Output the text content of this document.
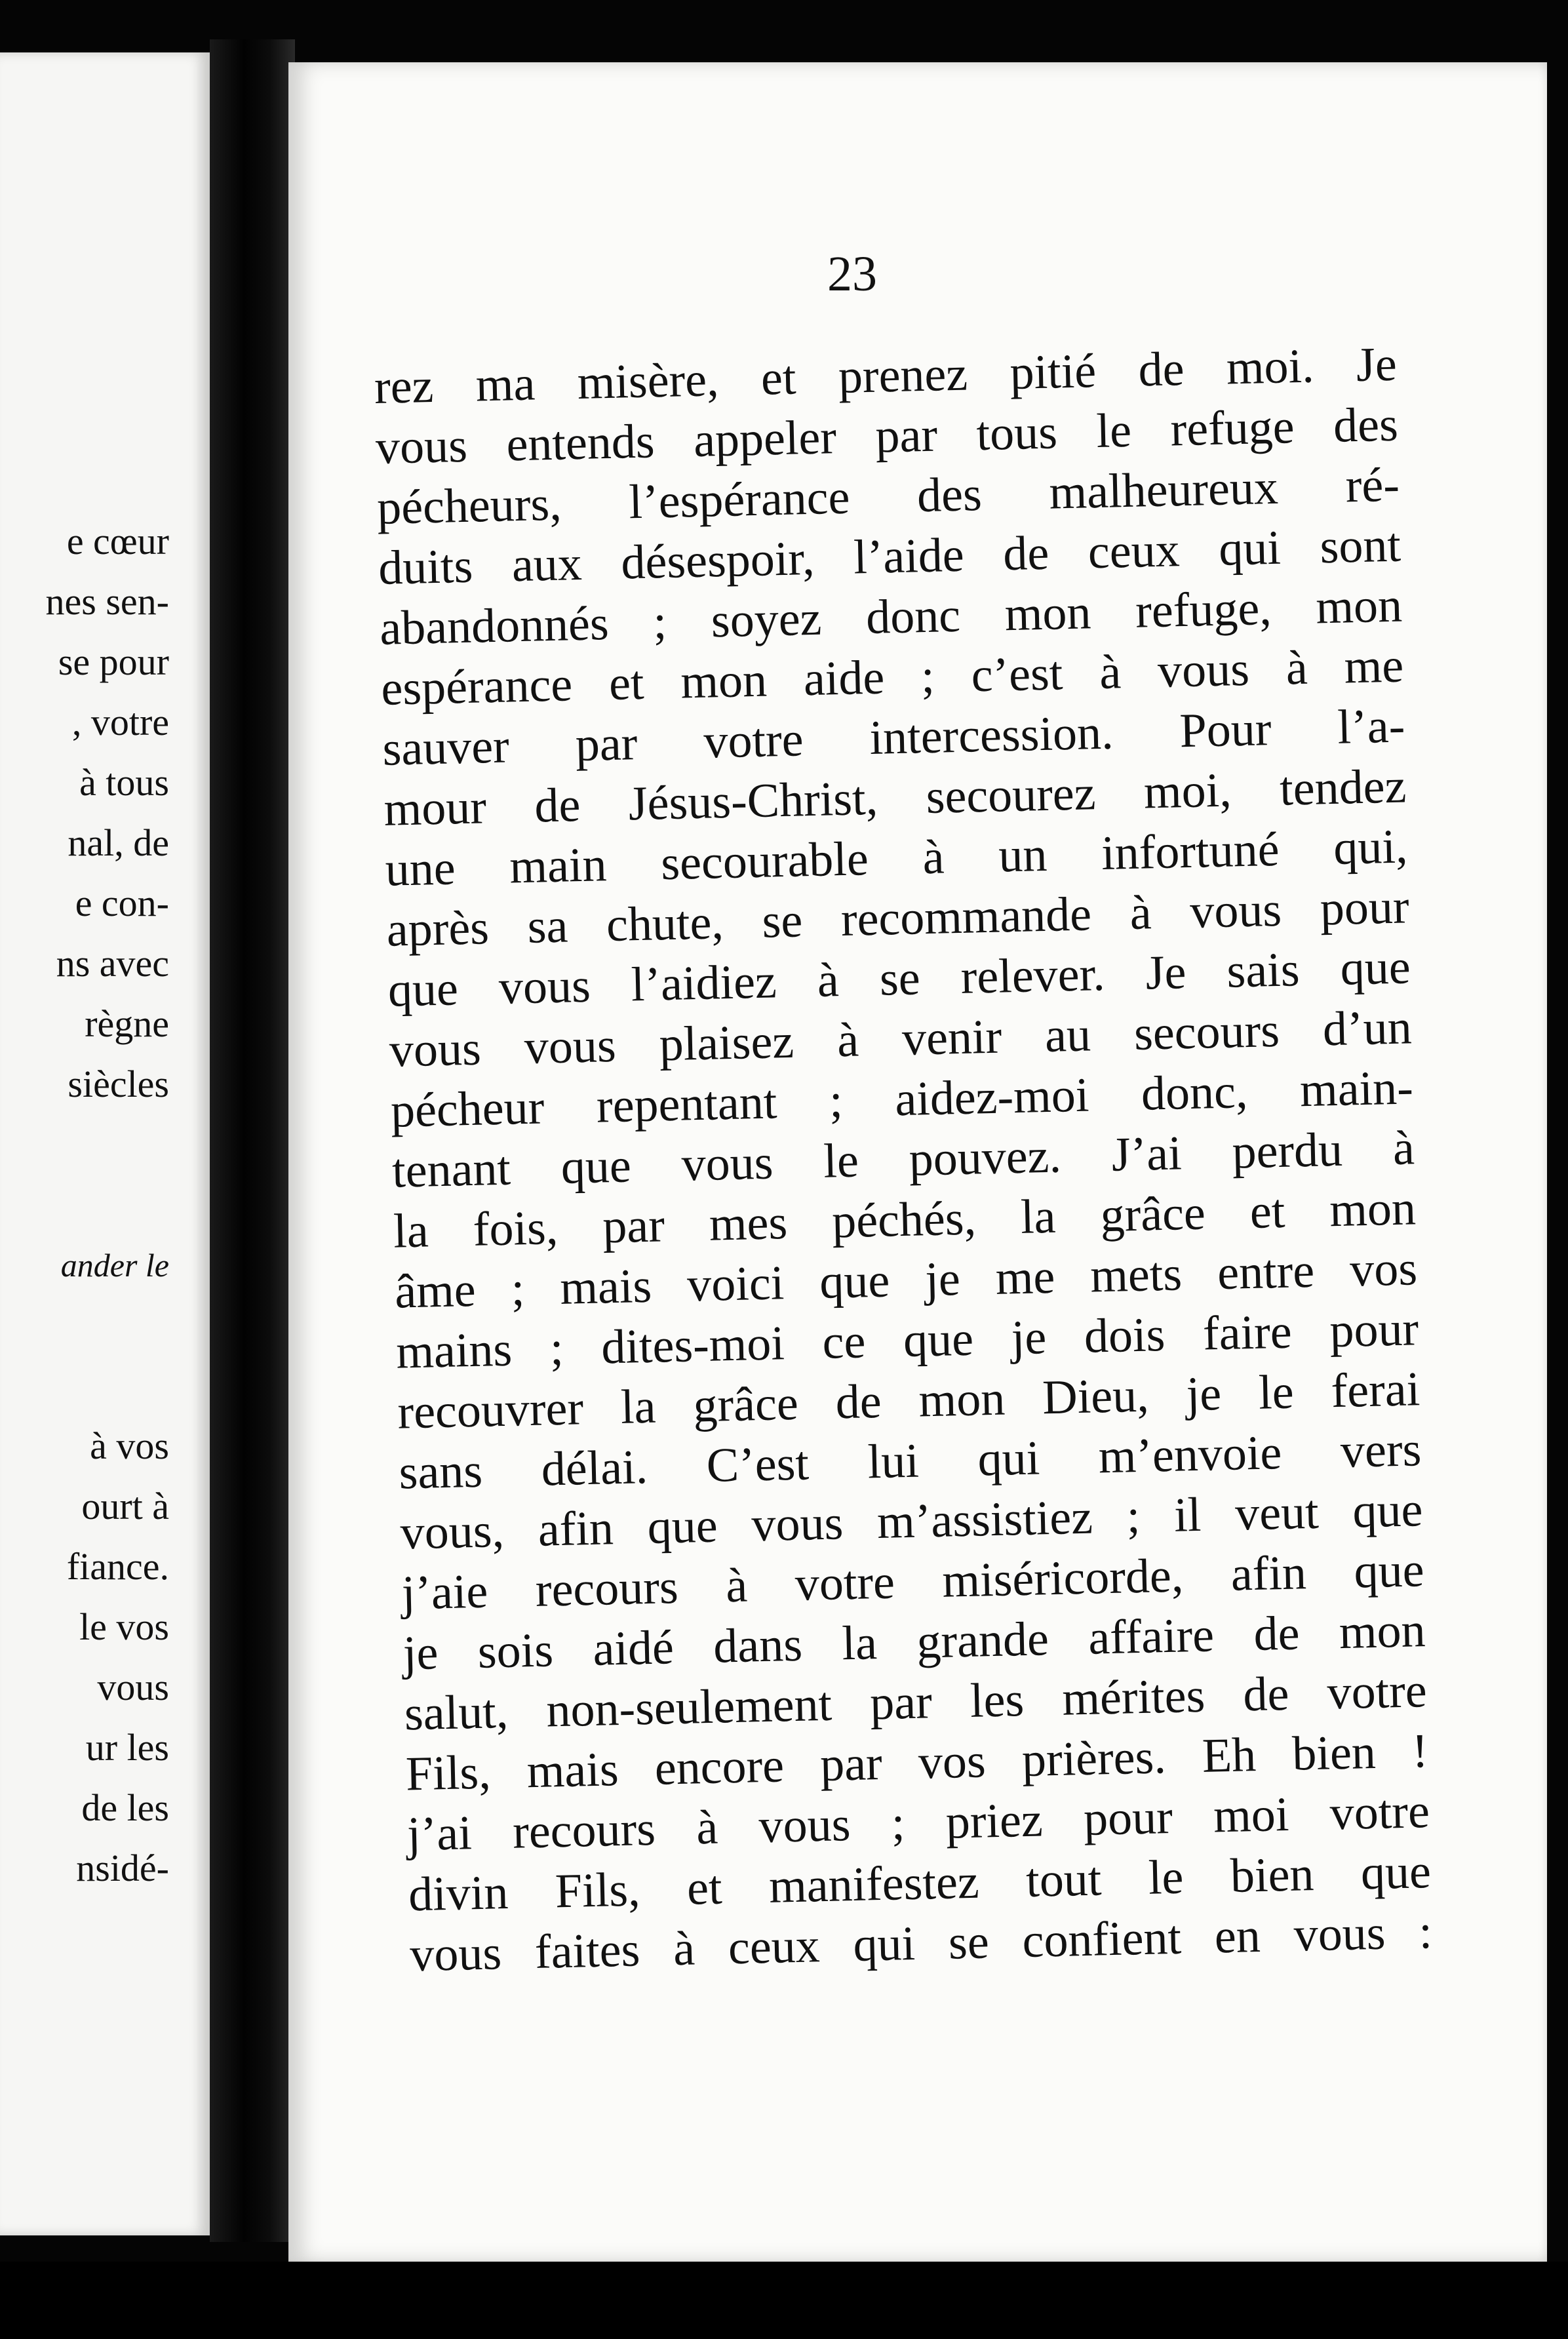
e cœur
nes sen-
se pour
, votre
à tous
nal, de
e con-
ns avec
règne
siècles
ander le
à vos
ourt à
fiance.
le vos
vous
ur les
de les
nsidé-
23
rez ma misère, et prenez pitié de moi. Je
vous entends appeler par tous le refuge des
pécheurs, l’espérance des malheureux ré-
duits aux désespoir, l’aide de ceux qui sont
abandonnés ; soyez donc mon refuge, mon
espérance et mon aide ; c’est à vous à me
sauver par votre intercession. Pour l’a-
mour de Jésus-Christ, secourez moi, tendez
une main secourable à un infortuné qui,
après sa chute, se recommande à vous pour
que vous l’aidiez à se relever. Je sais que
vous vous plaisez à venir au secours d’un
pécheur repentant ; aidez-moi donc, main-
tenant que vous le pouvez. J’ai perdu à
la fois, par mes péchés, la grâce et mon
âme ; mais voici que je me mets entre vos
mains ; dites-moi ce que je dois faire pour
recouvrer la grâce de mon Dieu, je le ferai
sans délai. C’est lui qui m’envoie vers
vous, afin que vous m’assistiez ; il veut que
j’aie recours à votre miséricorde, afin que
je sois aidé dans la grande affaire de mon
salut, non-seulement par les mérites de votre
Fils, mais encore par vos prières. Eh bien !
j’ai recours à vous ; priez pour moi votre
divin Fils, et manifestez tout le bien que
vous faites à ceux qui se confient en vous :
